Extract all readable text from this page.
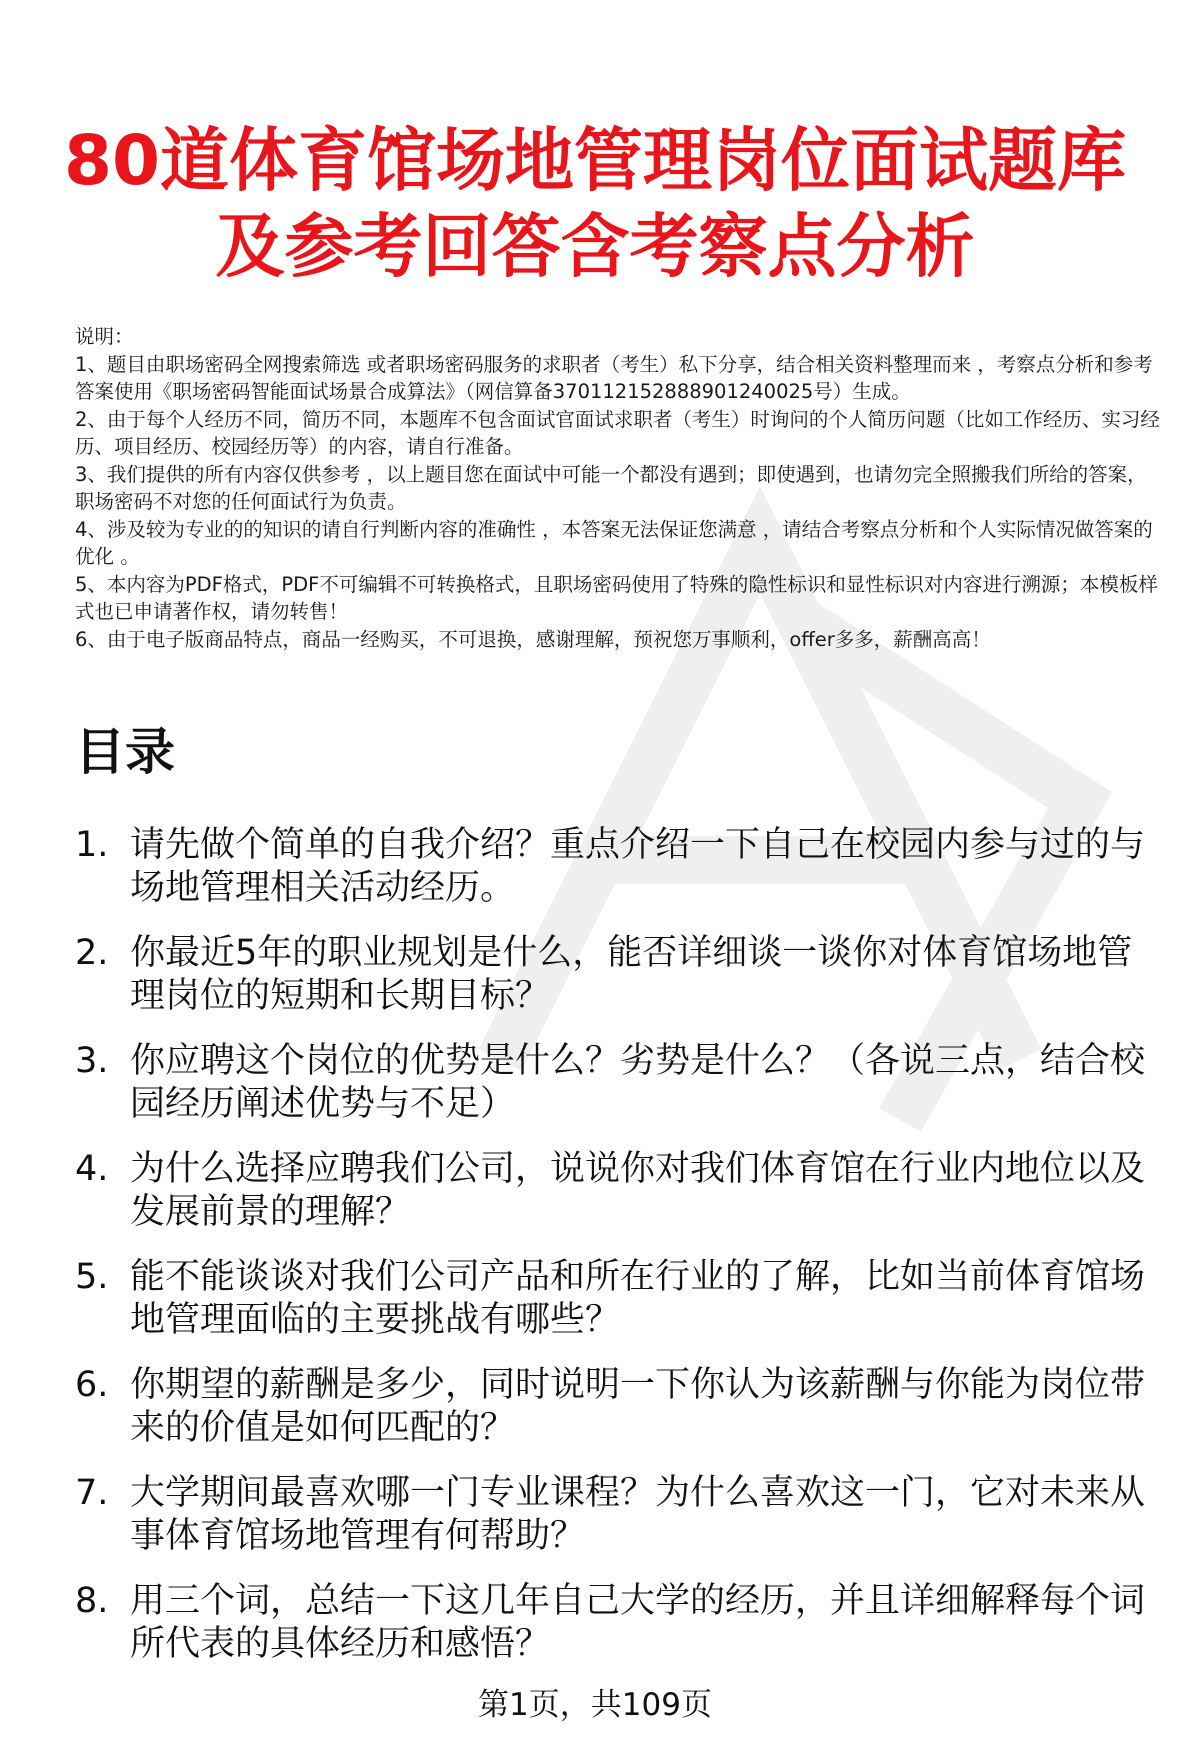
80道体育馆场地管理岗位面试题库
及参考回答含考察点分析

说明：

1、题目由职场密码全网搜索筛选 或者职场密码服务的求职者（考生）私下分享，结合相关资料整理而来 ，考察点分析和参考答案使用《职场密码智能面试场景合成算法》（网信算备370112152888901240025号）生成。

2、由于每个人经历不同，简历不同，本题库不包含面试官面试求职者（考生）时询问的个人简历问题（比如工作经历、实习经历、项目经历、校园经历等）的内容，请自行准备。

3、我们提供的所有内容仅供参考 ，以上题目您在面试中可能一个都没有遇到；即使遇到，也请勿完全照搬我们所给的答案，职场密码不对您的任何面试行为负责。

4、涉及较为专业的的知识的请自行判断内容的准确性 ，本答案无法保证您满意 ，请结合考察点分析和个人实际情况做答案的优化 。

5、本内容为PDF格式，PDF不可编辑不可转换格式，且职场密码使用了特殊的隐性标识和显性标识对内容进行溯源；本模板样式也已申请著作权，请勿转售！

6、由于电子版商品特点，商品一经购买，不可退换，感谢理解，预祝您万事顺利，offer多多，薪酬高高！

目录
1. 请先做个简单的自我介绍？重点介绍一下自己在校园内参与过的与场地管理相关活动经历。
2. 你最近5年的职业规划是什么，能否详细谈一谈你对体育馆场地管理岗位的短期和长期目标？
3. 你应聘这个岗位的优势是什么？劣势是什么？（各说三点，结合校园经历阐述优势与不足）
4. 为什么选择应聘我们公司，说说你对我们体育馆在行业内地位以及发展前景的理解？
5. 能不能谈谈对我们公司产品和所在行业的了解，比如当前体育馆场地管理面临的主要挑战有哪些？
6. 你期望的薪酬是多少，同时说明一下你认为该薪酬与你能为岗位带来的价值是如何匹配的？
7. 大学期间最喜欢哪一门专业课程？为什么喜欢这一门，它对未来从事体育馆场地管理有何帮助？
8. 用三个词，总结一下这几年自己大学的经历，并且详细解释每个词所代表的具体经历和感悟？
第1页，共109页
